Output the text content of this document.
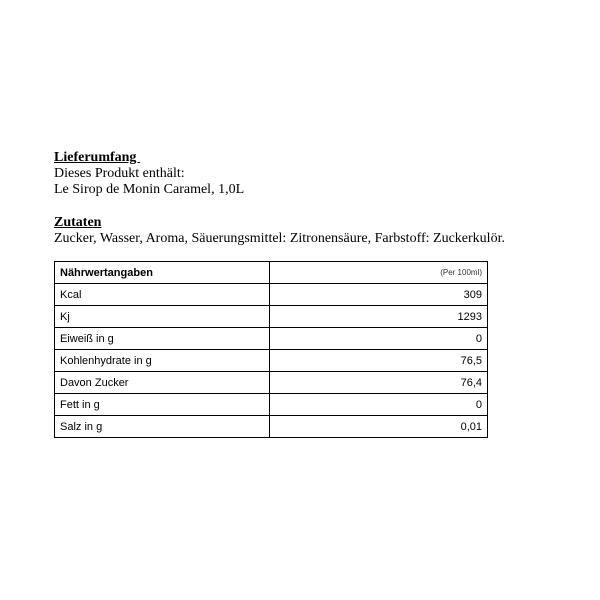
Lieferumfang
Dieses Produkt enthält:
Le Sirop de Monin Caramel, 1,0L
Zutaten
Zucker, Wasser, Aroma, Säuerungsmittel: Zitronensäure, Farbstoff: Zuckerkulör.
Nährwertangaben	(Per 100ml)
Kcal	309
Kj	1293
Eiweiß in g	0
Kohlenhydrate in g	76,5
Davon Zucker	76,4
Fett in g	0
Salz in g	0,01
